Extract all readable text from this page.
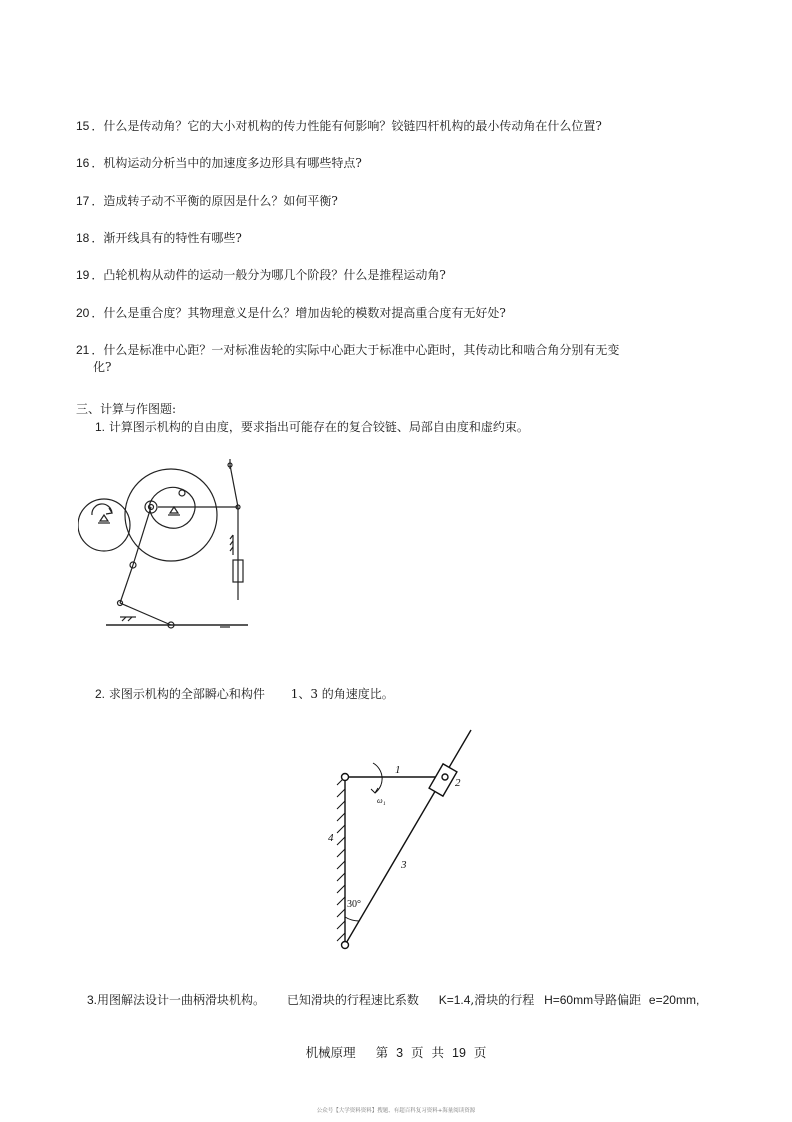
15 ．什么是传动角？它的大小对机构的传力性能有何影响？铰链四杆机构的最小传动角在什么位置?
16 ．机构运动分析当中的加速度多边形具有哪些特点?
17 ．造成转子动不平衡的原因是什么？如何平衡?
18 ．渐开线具有的特性有哪些?
19 ．凸轮机构从动件的运动一般分为哪几个阶段？什么是推程运动角?
20 ．什么是重合度？其物理意义是什么？增加齿轮的模数对提高重合度有无好处?
21 ．什么是标准中心距？一对标准齿轮的实际中心距大于标准中心距时，其传动比和啮合角分别有无变
化?
三、计算与作图题:
1. 计算图示机构的自由度，要求指出可能存在的复合铰链、局部自由度和虚约束。
2. 求图示机构的全部瞬心和构件 1、3 的角速度比。
1
2
3
4
ω 1
30°
3.用图解法设计一曲柄滑块机构。 已知滑块的行程速比系数 K=1.4,滑块的行程 H=60mm导路偏距 e=20mm,
机械原理 第 3 页 共 19 页
公众号【大学资料资料】搜题、有超百科复习资料+海量阅读资源
